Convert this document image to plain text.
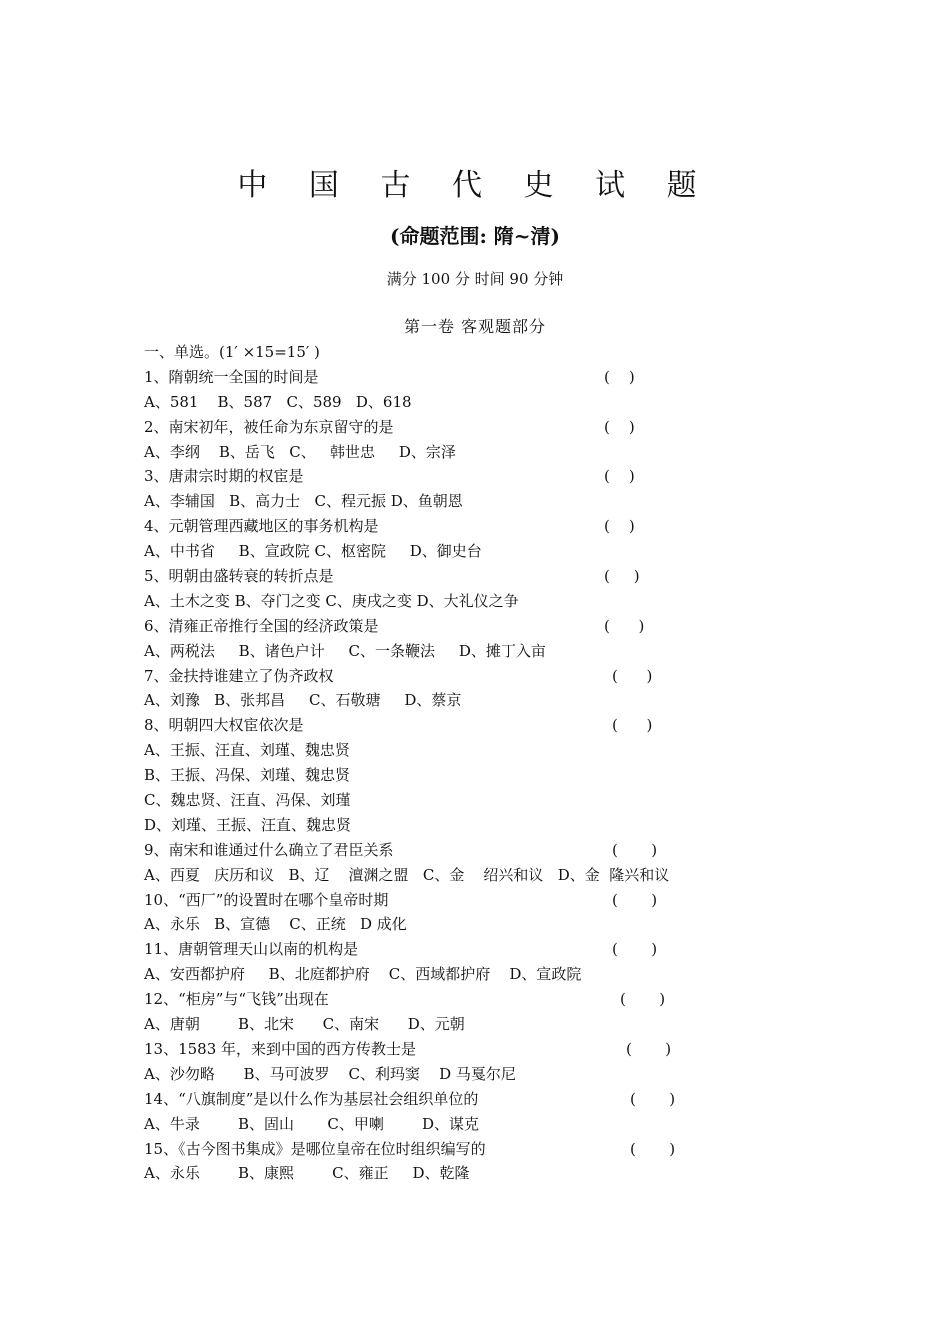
中 国 古 代 史 试 题
(命题范围: 隋~清)
满分 100 分 时间 90 分钟
第一卷 客观题部分
一、单选。(1′ ×15=15′ )
1、隋朝统一全国的时间是	(    )
A、581    B、587   C、589   D、618
2、南宋初年，被任命为东京留守的是	(    )
A、李纲    B、岳飞   C、   韩世忠     D、宗泽
3、唐肃宗时期的权宦是	(    )
A、李辅国   B、高力士   C、程元振 D、鱼朝恩
4、元朝管理西藏地区的事务机构是	(    )
A、中书省     B、宣政院 C、枢密院     D、御史台
5、明朝由盛转衰的转折点是	(     )
A、土木之变 B、夺门之变 C、庚戌之变 D、大礼仪之争
6、清雍正帝推行全国的经济政策是	(      )
A、两税法     B、诸色户计     C、一条鞭法     D、摊丁入亩
7、金扶持谁建立了伪齐政权	(      )
A、刘豫   B、张邦昌     C、石敬瑭     D、蔡京
8、明朝四大权宦依次是	(      )
A、王振、汪直、刘瑾、魏忠贤
B、王振、冯保、刘瑾、魏忠贤
C、魏忠贤、汪直、冯保、刘瑾
D、刘瑾、王振、汪直、魏忠贤
9、南宋和谁通过什么确立了君臣关系	(       )
A、西夏   庆历和议   B、辽    澶渊之盟   C、金    绍兴和议   D、金  隆兴和议
10、“西厂”的设置时在哪个皇帝时期	(       )
A、永乐   B、宣德    C、正统   D 成化
11、唐朝管理天山以南的机构是	(       )
A、安西都护府     B、北庭都护府    C、西域都护府    D、宣政院
12、“柜房”与“飞钱”出现在	(       )
A、唐朝        B、北宋      C、南宋      D、元朝
13、1583 年，来到中国的西方传教士是	(       )
A、沙勿略      B、马可波罗    C、利玛窦    D 马戛尔尼
14、“八旗制度”是以什么作为基层社会组织单位的	(       )
A、牛录        B、固山       C、甲喇        D、谋克
15、《古今图书集成》是哪位皇帝在位时组织编写的	(       )
A、永乐        B、康熙        C、雍正     D、乾隆
